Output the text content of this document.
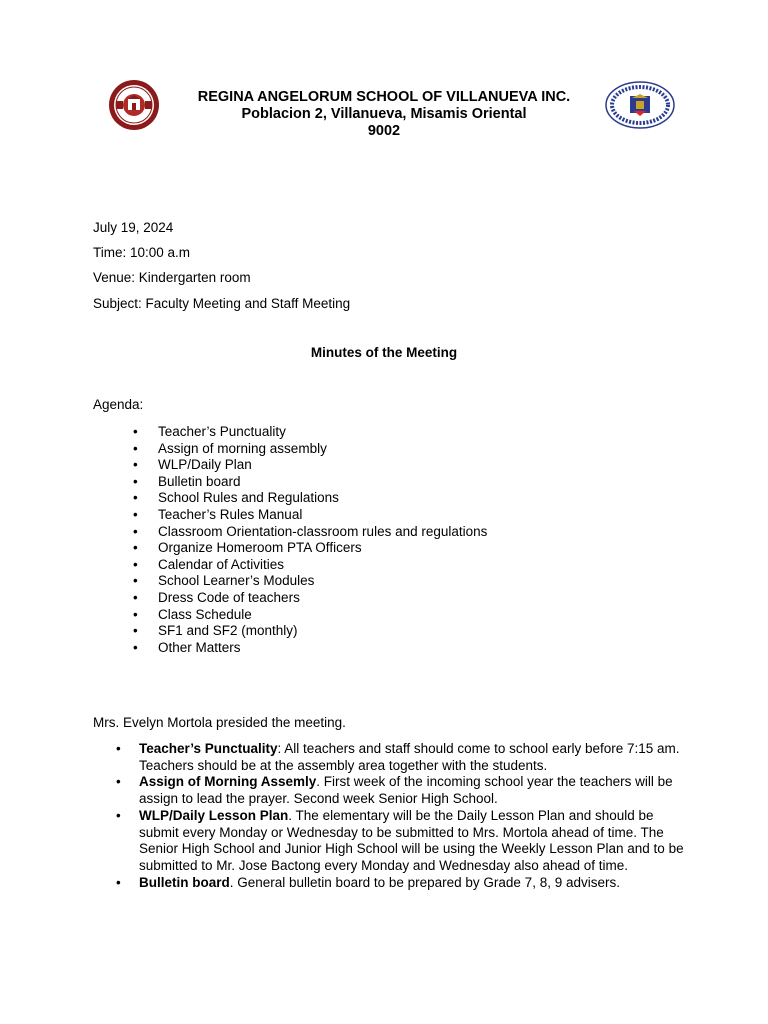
REGINA ANGELORUM SCHOOL OF VILLANUEVA INC.
Poblacion 2, Villanueva, Misamis Oriental
9002
July 19, 2024
Time: 10:00 a.m
Venue: Kindergarten room
Subject: Faculty Meeting and Staff Meeting
Minutes of the Meeting
Agenda:
• Teacher’s Punctuality
• Assign of morning assembly
• WLP/Daily Plan
• Bulletin board
• School Rules and Regulations
• Teacher’s Rules Manual
• Classroom Orientation-classroom rules and regulations
• Organize Homeroom PTA Officers
• Calendar of Activities
• School Learner’s Modules
• Dress Code of teachers
• Class Schedule
• SF1 and SF2 (monthly)
• Other Matters
Mrs. Evelyn Mortola presided the meeting.
• Teacher’s Punctuality: All teachers and staff should come to school early before 7:15 am. Teachers should be at the assembly area together with the students.
• Assign of Morning Assemly. First week of the incoming school year the teachers will be assign to lead the prayer. Second week Senior High School.
• WLP/Daily Lesson Plan. The elementary will be the Daily Lesson Plan and should be submit every Monday or Wednesday to be submitted to Mrs. Mortola ahead of time. The Senior High School and Junior High School will be using the Weekly Lesson Plan and to be submitted to Mr. Jose Bactong every Monday and Wednesday also ahead of time.
• Bulletin board. General bulletin board to be prepared by Grade 7, 8, 9 advisers.
